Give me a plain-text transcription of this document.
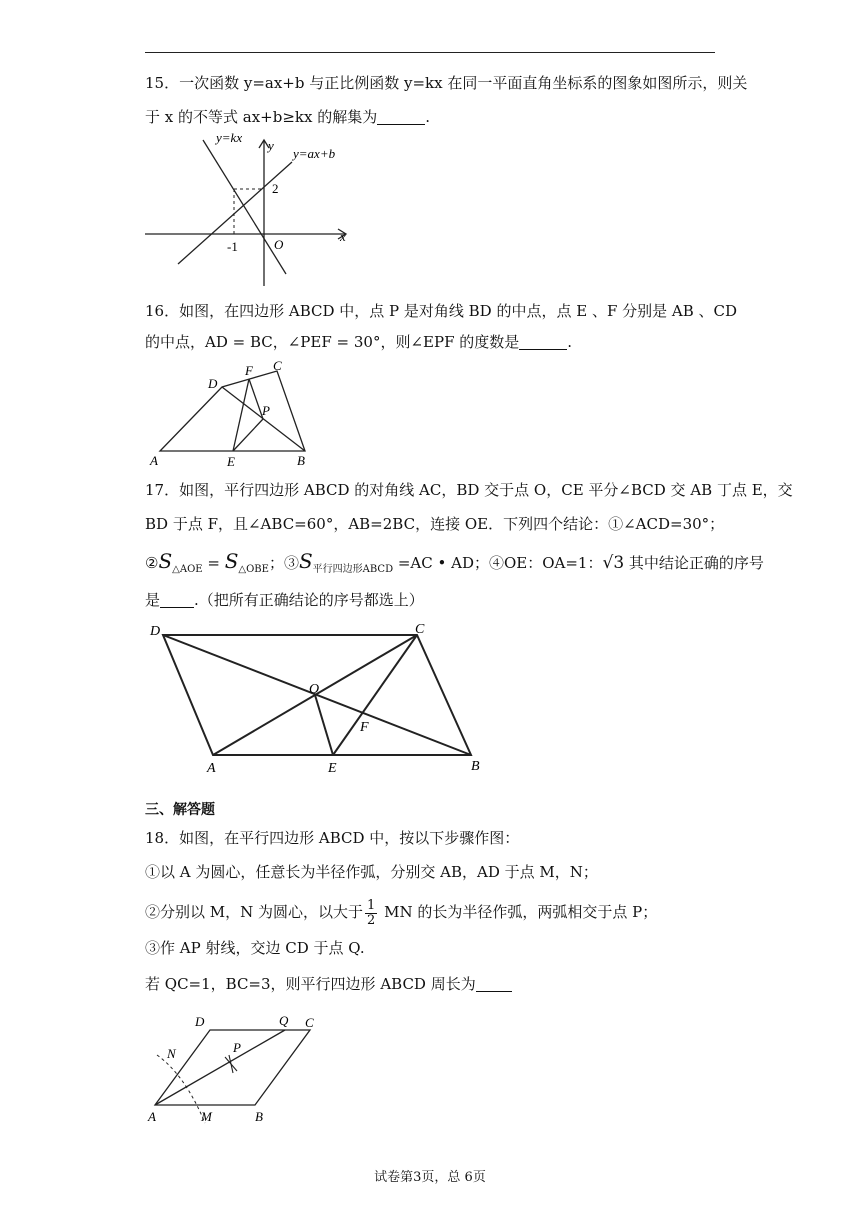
15．一次函数 y=ax+b 与正比例函数 y=kx 在同一平面直角坐标系的图象如图所示，则关
于 x 的不等式 ax+b≥kx 的解集为	.
y=kx
y
y=ax+b
2
-1	O
x
16．如图，在四边形 ABCD 中，点 P 是对角线 BD 的中点，点 E 、F 分别是 AB 、CD
的中点，AD = BC，∠PEF = 30°，则∠EPF 的度数是	.
A	B
C
D
E
F
P
17．如图，平行四边形 ABCD 的对角线 AC，BD 交于点 O，CE 平分∠BCD 交 AB 丁点 E，交
BD 于点 F，且∠ABC=60°，AB=2BC，连接 OE．下列四个结论：①∠ACD=30°；
$②S_{\triangle AOE} = S_{\triangle OBE}$；$③S_{平行四边形ABCD} =AC$ • AD；④OE：OA=1：√3 其中结论正确的序号
是 .（把所有正确结论的序号都选上）
D	C
A	E	B
O
F
三、解答题
18．如图，在平行四边形 ABCD 中，按以下步骤作图：
①以 A 为圆心，任意长为半径作弧，分别交 AB，AD 于点 M，N；
②分别以 M，N 为圆心，以大于 $\frac{1}{2}$ MN 的长为半径作弧，两弧相交于点 P；
③作 AP 射线，交边 CD 于点 Q.
若 QC=1，BC=3，则平行四边形 ABCD 周长为
A	B
C
D
M
N	P
Q
试卷第3页，总 6页
